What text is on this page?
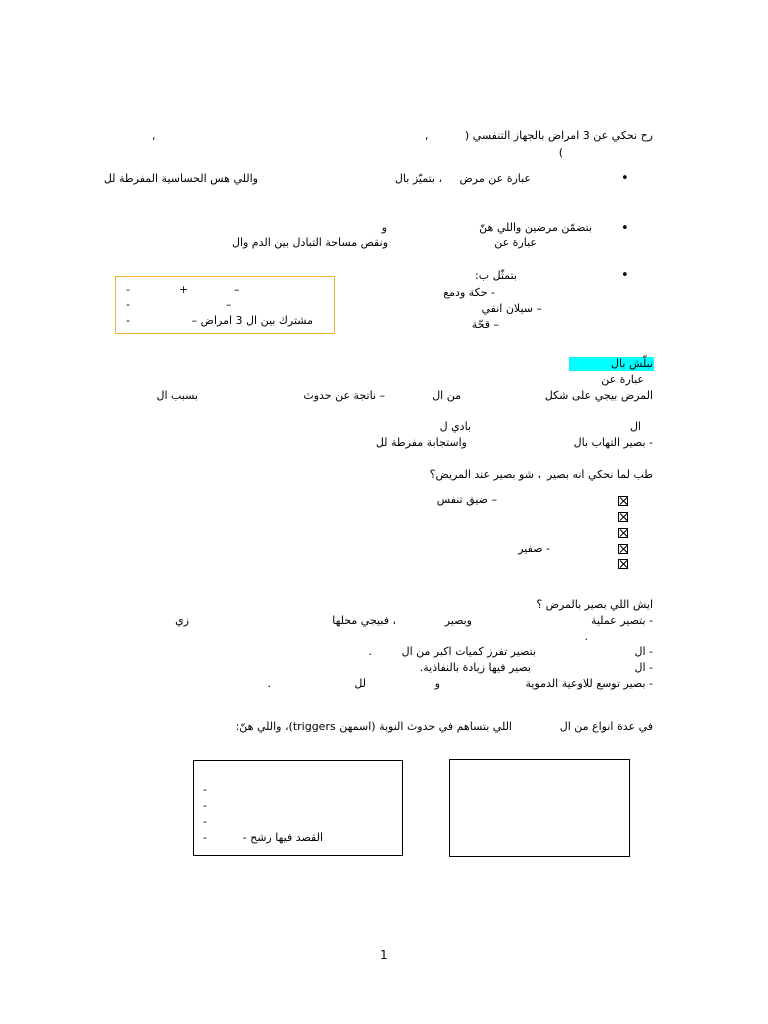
رح نحكي عن 3 امراض بالجهاز التنفسي (
,
,
)
•
عبارة عن مرض
، بتميّز بال
واللي هس الحساسية المفرطة لل
•
بتضمّن مرضين واللي هنّ
و
عبارة عن
ونقص مساحة التبادل بين الدم وال
•
بتمثّل ب:
- حكة ودمع
– سيلان انفي
– قحّة
-	+	–
-	–
-	مشترك بين ال 3 امراض –
نبلّش بال
عبارة عن
المرض بيجي على شكل
من ال
– ناتجة عن حدوث
بسبب ال
ال
بادي ل
- بصير التهاب بال
واستجابة مفرطة لل
طب لما نحكي انه بصير
، شو بصير عند المريض؟
– ضيق تنفس
- صفير
ايش اللي بصير بالمرض ؟
- بتصير عملية
وبصير
، فبيجي محلها
زي
.
- ال
بتصير تفرز كميات اكبر من ال
.
- ال
بصير فيها زيادة بالنفاذية.
- بصير توسع للاوعية الدموية
و
لل
.
في عدة انواع من ال
اللي بتساهم في حدوث النوبة (اسمهن triggers)، واللي هنّ:
-
-
-
-	القصد فيها رشح -
1
